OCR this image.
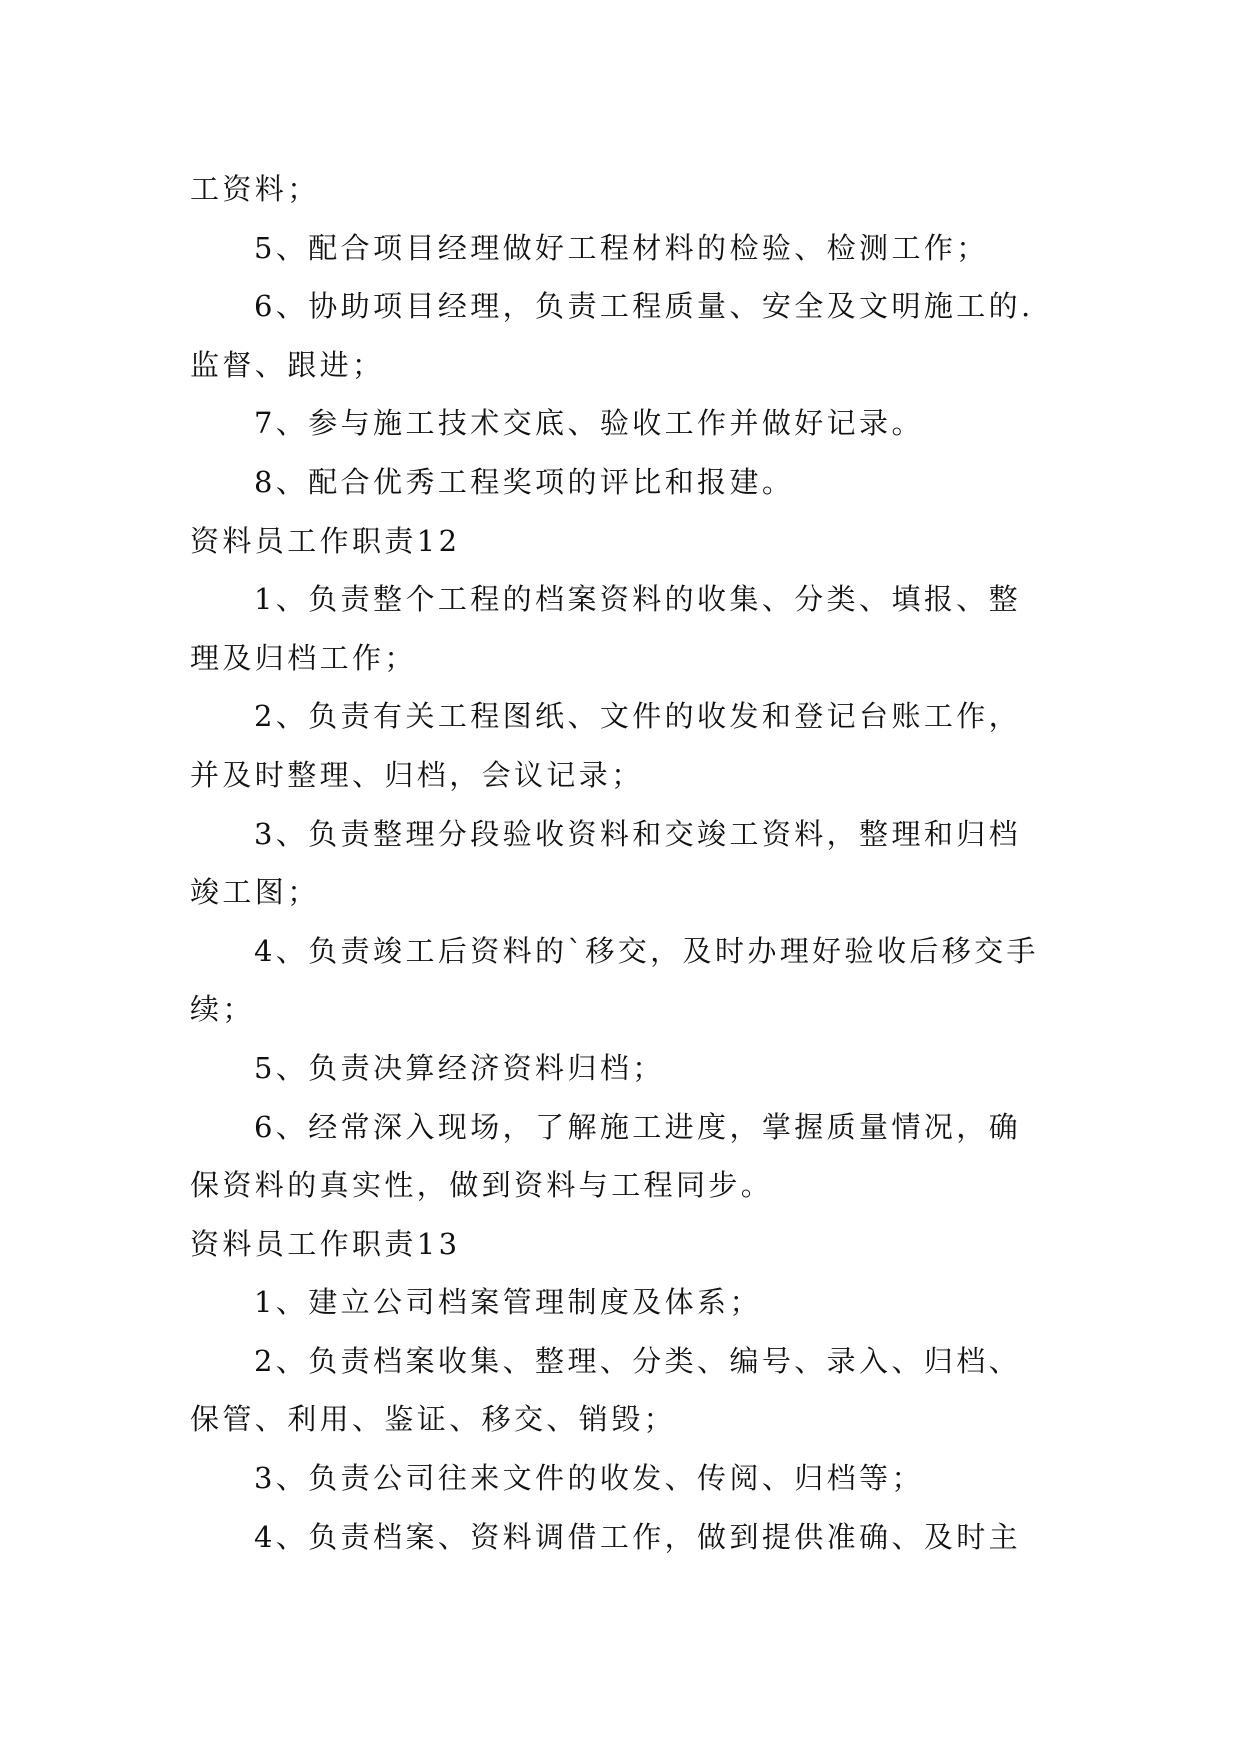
工资料；
5、配合项目经理做好工程材料的检验、检测工作；
6、协助项目经理，负责工程质量、安全及文明施工的.
监督、跟进；
7、参与施工技术交底、验收工作并做好记录。
8、配合优秀工程奖项的评比和报建。
资料员工作职责12
1、负责整个工程的档案资料的收集、分类、填报、整
理及归档工作；
2、负责有关工程图纸、文件的收发和登记台账工作，
并及时整理、归档，会议记录；
3、负责整理分段验收资料和交竣工资料，整理和归档
竣工图；
4、负责竣工后资料的`移交，及时办理好验收后移交手
续；
5、负责决算经济资料归档；
6、经常深入现场，了解施工进度，掌握质量情况，确
保资料的真实性，做到资料与工程同步。
资料员工作职责13
1、建立公司档案管理制度及体系；
2、负责档案收集、整理、分类、编号、录入、归档、
保管、利用、鉴证、移交、销毁；
3、负责公司往来文件的收发、传阅、归档等；
4、负责档案、资料调借工作，做到提供准确、及时主
